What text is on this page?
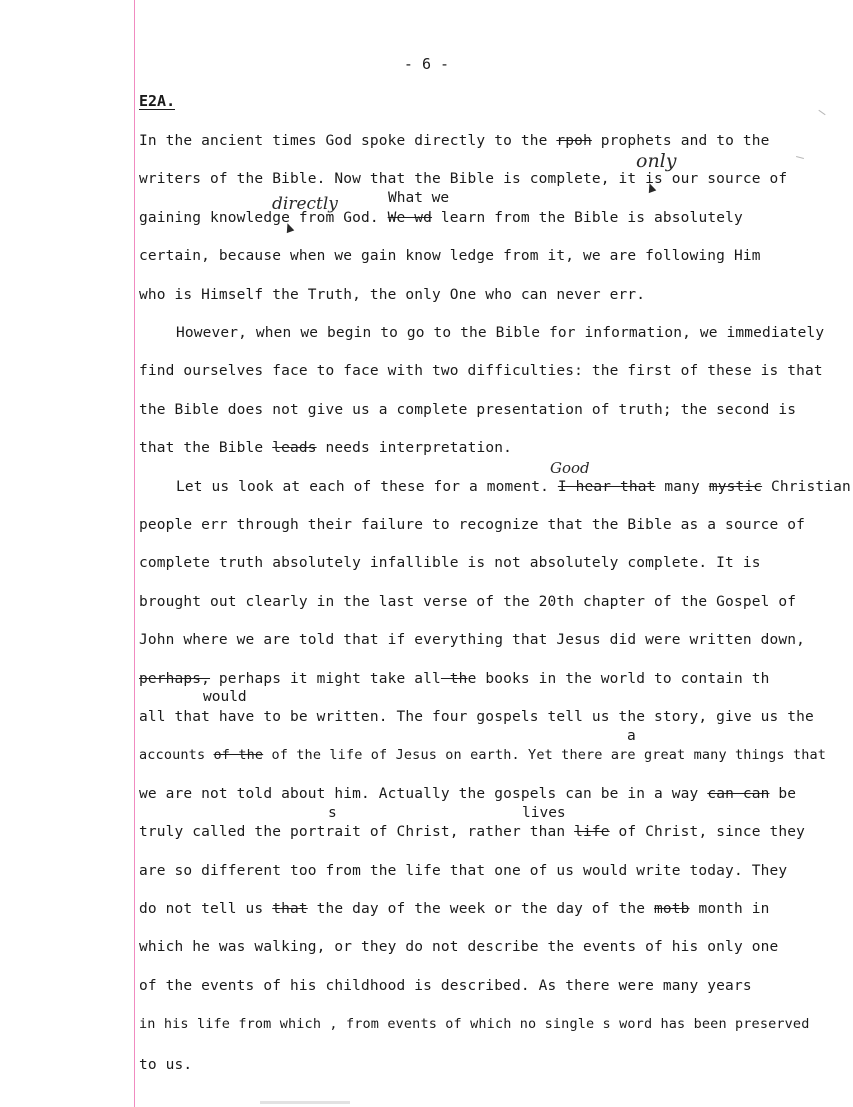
- 6 -
E2A.
only
directly
Good
What we
would
a
s	lives
In the ancient times God spoke directly to the rpoh prophets and to the
writers of the Bible. Now that the Bible is complete, it is our source of
gaining knowledge from God. We wd learn from the Bible is absolutely
certain, because when we gain know ledge from it, we are following Him
who is Himself the Truth, the only One who can never err.
However, when we begin to go to the Bible for information, we immediately
find ourselves face to face with two difficulties: the first of these is that
the Bible does not give us a complete presentation of truth; the second is
that the Bible leads needs interpretation.
Let us look at each of these for a moment. I hear that many mystic Christian
people err through their failure to recognize that the Bible as a source of
complete truth absolutely infallible is not absolutely complete. It is
brought out clearly in the last verse of the 20th chapter of the Gospel of
John where we are told that if everything that Jesus did were written down,
perhaps, perhaps it might take all the books in the world to contain th
all that have to be written. The four gospels tell us the story, give us the
accounts of the of the life of Jesus on earth. Yet there are great many things that
we are not told about him. Actually the gospels can be in a way can can be
truly called the portrait of Christ, rather than life of Christ, since they
are so different too from the life that one of us would write today. They
do not tell us that the day of the week or the day of the motb month in
which he was walking, or they do not describe the events of his only one
of the events of his childhood is described. As there were many years
in his life from which , from events of which no single s word has been preserved
to us.
